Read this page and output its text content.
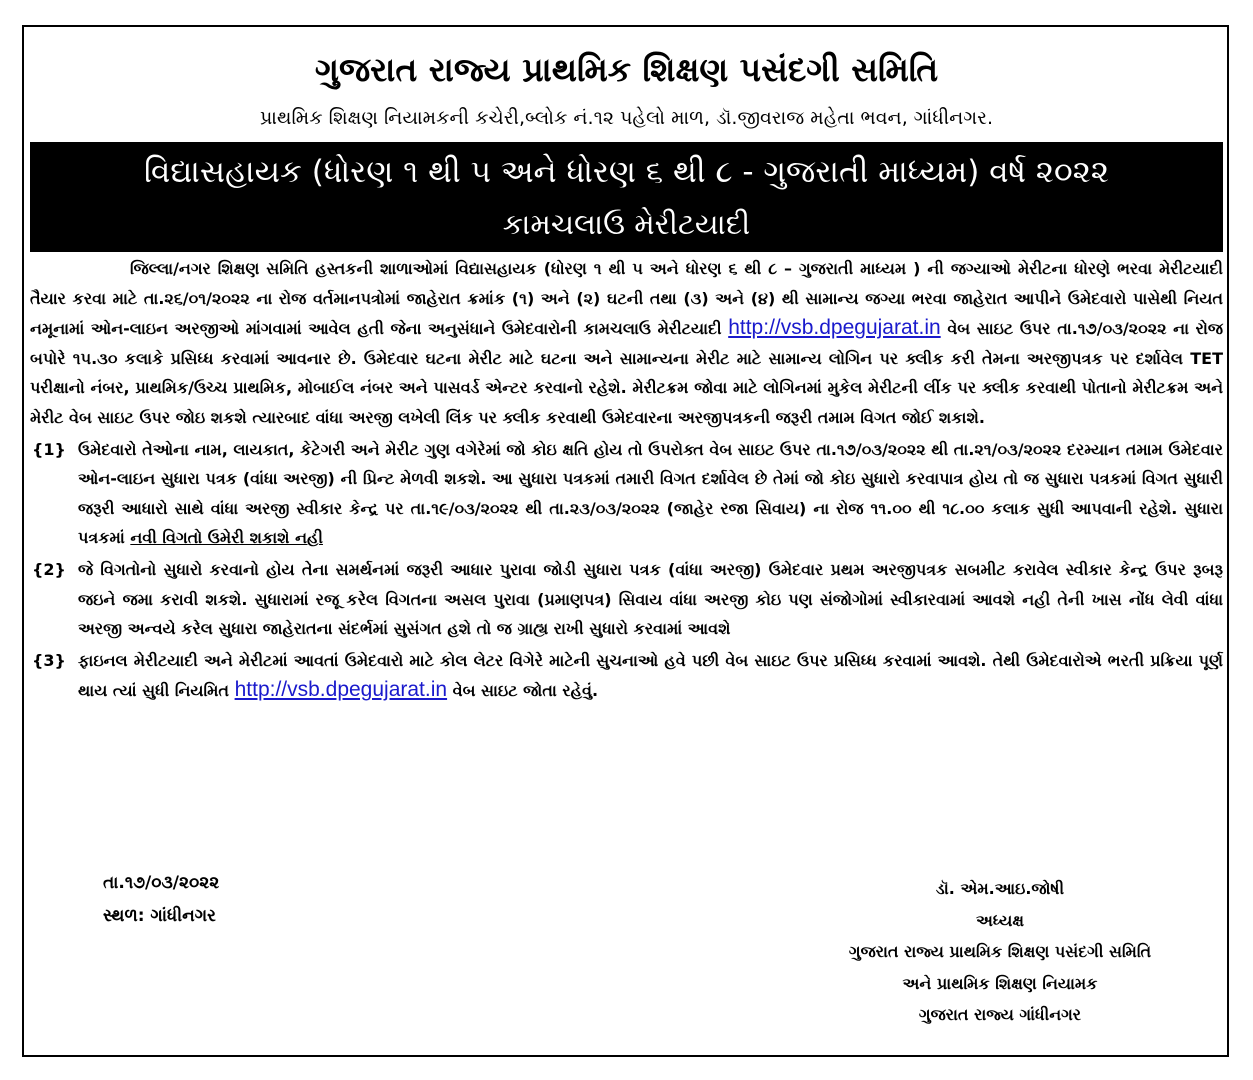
ગુજરાત રાજ્ય પ્રાથમિક શિક્ષણ પસંદગી સમિતિ
પ્રાથમિક શિક્ષણ નિયામકની કચેરી,બ્લોક નં.૧૨ પહેલો માળ, ડૉ.જીવરાજ મહેતા ભવન, ગાંધીનગર.
વિદ્યાસહાયક (ધોરણ ૧ થી ૫ અને ધોરણ ૬ થી ૮ - ગુજરાતી માધ્યમ) વર્ષ ૨૦૨૨
કામચલાઉ મેરીટયાદી
જિલ્લા/નગર શિક્ષણ સમિતિ હસ્તકની શાળાઓમાં વિદ્યાસહાયક (ધોરણ ૧ થી ૫ અને ધોરણ ૬ થી ૮ – ગુજરાતી માધ્યમ ) ની જગ્યાઓ મેરીટના ધોરણે ભરવા મેરીટયાદી તૈયાર કરવા માટે તા.૨૬/૦૧/૨૦૨૨ ના રોજ વર્તમાનપત્રોમાં જાહેરાત ક્રમાંક (૧) અને (૨) ઘટની તથા (૩) અને (૪) થી સામાન્ય જગ્યા ભરવા જાહેરાત આપીને ઉમેદવારો પાસેથી નિયત નમૂનામાં ઓન-લાઇન અરજીઓ માંગવામાં આવેલ હતી જેના અનુસંધાને ઉમેદવારોની કામચલાઉ મેરીટયાદી http://vsb.dpegujarat.in વેબ સાઇટ ઉપર તા.૧૭/૦૩/૨૦૨૨ ના રોજ બપોરે ૧૫.૩૦ કલાકે પ્રસિધ્ધ કરવામાં આવનાર છે. ઉમેદવાર ઘટના મેરીટ માટે ઘટના અને સામાન્યના મેરીટ માટે સામાન્ય લોગિન પર ક્લીક કરી તેમના અરજીપત્રક પર દર્શાવેલ TET પરીક્ષાનો નંબર, પ્રાથમિક/ઉચ્ચ પ્રાથમિક, મોબાઈલ નંબર અને પાસવર્ડ એન્ટર કરવાનો રહેશે. મેરીટક્રમ જોવા માટે લોગિનમાં મુકેલ મેરીટની લીંક પર ક્લીક કરવાથી પોતાનો મેરીટક્રમ અને મેરીટ વેબ સાઇટ ઉપર જોઇ શકશે ત્યારબાદ વાંધા અરજી લખેલી લિંક પર ક્લીક કરવાથી ઉમેદવારના અરજીપત્રકની જરૂરી તમામ વિગત જોઈ શકાશે.
{1} ઉમેદવારો તેઓના નામ, લાયકાત, કેટેગરી અને મેરીટ ગુણ વગેરેમાં જો કોઇ ક્ષતિ હોય તો ઉપરોક્ત વેબ સાઇટ ઉપર તા.૧૭/૦૩/૨૦૨૨ થી તા.૨૧/૦૩/૨૦૨૨ દરમ્યાન તમામ ઉમેદવાર ઓન-લાઇન સુધારા પત્રક (વાંધા અરજી) ની પ્રિન્ટ મેળવી શકશે. આ સુધારા પત્રકમાં તમારી વિગત દર્શાવેલ છે તેમાં જો કોઇ સુધારો કરવાપાત્ર હોય તો જ સુધારા પત્રકમાં વિગત સુધારી જરૂરી આધારો સાથે વાંધા અરજી સ્વીકાર કેન્દ્ર પર તા.૧૯/૦૩/૨૦૨૨ થી તા.૨૩/૦૩/૨૦૨૨ (જાહેર રજા સિવાય) ના રોજ ૧૧.૦૦ થી ૧૮.૦૦ કલાક સુધી આપવાની રહેશે. સુધારા પત્રકમાં નવી વિગતો ઉમેરી શકાશે નહી
{2} જે વિગતોનો સુધારો કરવાનો હોય તેના સમર્થનમાં જરૂરી આધાર પુરાવા જોડી સુધારા પત્રક (વાંધા અરજી) ઉમેદવાર પ્રથમ અરજીપત્રક સબમીટ કરાવેલ સ્વીકાર કેન્દ્ર ઉપર રૂબરૂ જઇને જમા કરાવી શકશે. સુધારામાં રજૂ કરેલ વિગતના અસલ પુરાવા (પ્રમાણપત્ર) સિવાય વાંધા અરજી કોઇ પણ સંજોગોમાં સ્વીકારવામાં આવશે નહી તેની ખાસ નોંધ લેવી વાંધા અરજી અન્વયે કરેલ સુધારા જાહેરાતના સંદર્ભમાં સુસંગત હશે તો જ ગ્રાહ્ય રાખી સુધારો કરવામાં આવશે
{3} ફાઇનલ મેરીટયાદી અને મેરીટમાં આવતાં ઉમેદવારો માટે કોલ લેટર વિગેરે માટેની સુચનાઓ હવે પછી વેબ સાઇટ ઉપર પ્રસિધ્ધ કરવામાં આવશે. તેથી ઉમેદવારોએ ભરતી પ્રક્રિયા પૂર્ણ થાય ત્યાં સુધી નિયમિત http://vsb.dpegujarat.in વેબ સાઇટ જોતા રહેવું.
તા.૧૭/૦૩/૨૦૨૨
સ્થળ: ગાંધીનગર
ડૉ. એમ.આઇ.જોષી
અધ્યક્ષ
ગુજરાત રાજ્ય પ્રાથમિક શિક્ષણ પસંદગી સમિતિ
અને પ્રાથમિક શિક્ષણ નિયામક
ગુજરાત રાજ્ય ગાંધીનગર
